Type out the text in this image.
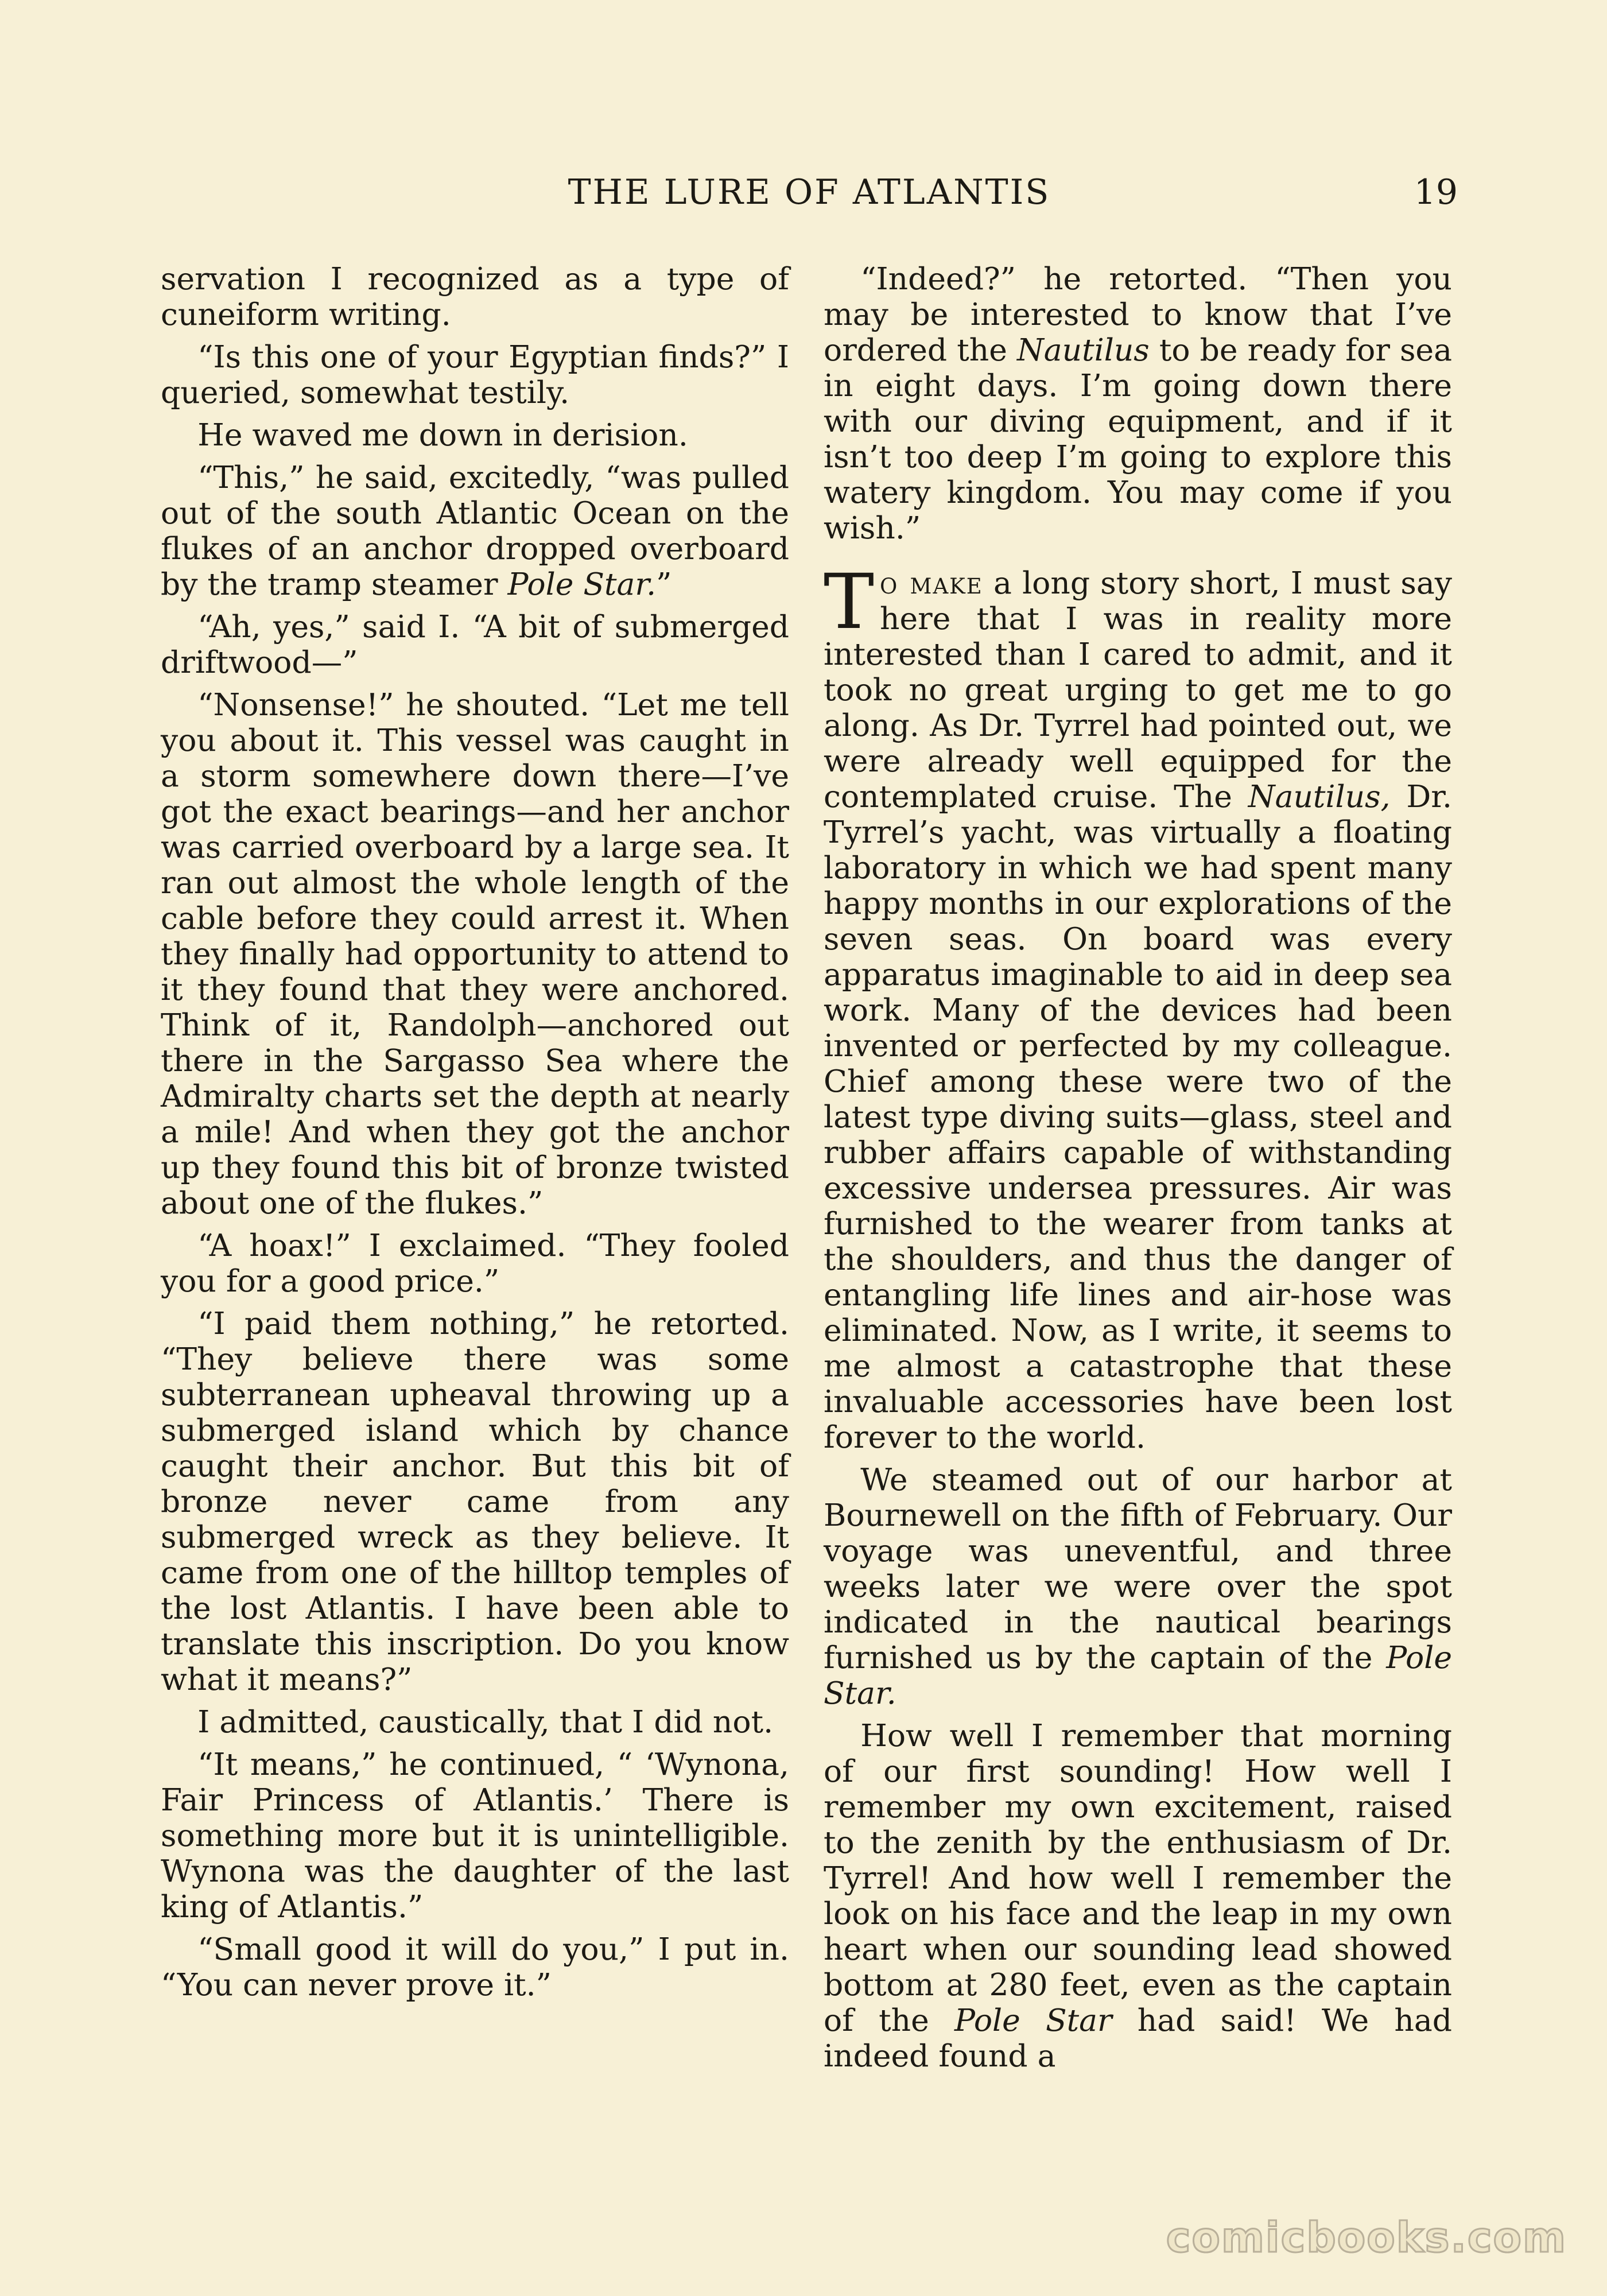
THE LURE OF ATLANTIS	19

servation I recognized as a type of cuneiform writing.

“Is this one of your Egyptian finds?” I queried, somewhat testily.

He waved me down in derision.

“This,” he said, excitedly, “was pulled out of the south Atlantic Ocean on the flukes of an anchor dropped overboard by the tramp steamer Pole Star.”

“Ah, yes,” said I. “A bit of submerged driftwood—”

“Nonsense!” he shouted. “Let me tell you about it. This vessel was caught in a storm somewhere down there—I’ve got the exact bearings—and her anchor was carried overboard by a large sea. It ran out almost the whole length of the cable before they could arrest it. When they finally had opportunity to attend to it they found that they were anchored. Think of it, Randolph—anchored out there in the Sargasso Sea where the Admiralty charts set the depth at nearly a mile! And when they got the anchor up they found this bit of bronze twisted about one of the flukes.”

“A hoax!” I exclaimed. “They fooled you for a good price.”

“I paid them nothing,” he retorted. “They believe there was some subterranean upheaval throwing up a submerged island which by chance caught their anchor. But this bit of bronze never came from any submerged wreck as they believe. It came from one of the hilltop temples of the lost Atlantis. I have been able to translate this inscription. Do you know what it means?”

I admitted, caustically, that I did not.

“It means,” he continued, “ ‘Wynona, Fair Princess of Atlantis.’ There is something more but it is unintelligible. Wynona was the daughter of the last king of Atlantis.”

“Small good it will do you,” I put in. “You can never prove it.”

“Indeed?” he retorted. “Then you may be interested to know that I’ve ordered the Nautilus to be ready for sea in eight days. I’m going down there with our diving equipment, and if it isn’t too deep I’m going to explore this watery kingdom. You may come if you wish.”

To make a long story short, I must say here that I was in reality more interested than I cared to admit, and it took no great urging to get me to go along. As Dr. Tyrrel had pointed out, we were already well equipped for the contemplated cruise. The Nautilus, Dr. Tyrrel’s yacht, was virtually a floating laboratory in which we had spent many happy months in our explorations of the seven seas. On board was every apparatus imaginable to aid in deep sea work. Many of the devices had been invented or perfected by my colleague. Chief among these were two of the latest type diving suits—glass, steel and rubber affairs capable of withstanding excessive undersea pressures. Air was furnished to the wearer from tanks at the shoulders, and thus the danger of entangling life lines and air-hose was eliminated. Now, as I write, it seems to me almost a catastrophe that these invaluable accessories have been lost forever to the world.

We steamed out of our harbor at Bournewell on the fifth of February. Our voyage was uneventful, and three weeks later we were over the spot indicated in the nautical bearings furnished us by the captain of the Pole Star.

How well I remember that morning of our first sounding! How well I remember my own excitement, raised to the zenith by the enthusiasm of Dr. Tyrrel! And how well I remember the look on his face and the leap in my own heart when our sounding lead showed bottom at 280 feet, even as the captain of the Pole Star had said! We had indeed found a

comicbooks.com
